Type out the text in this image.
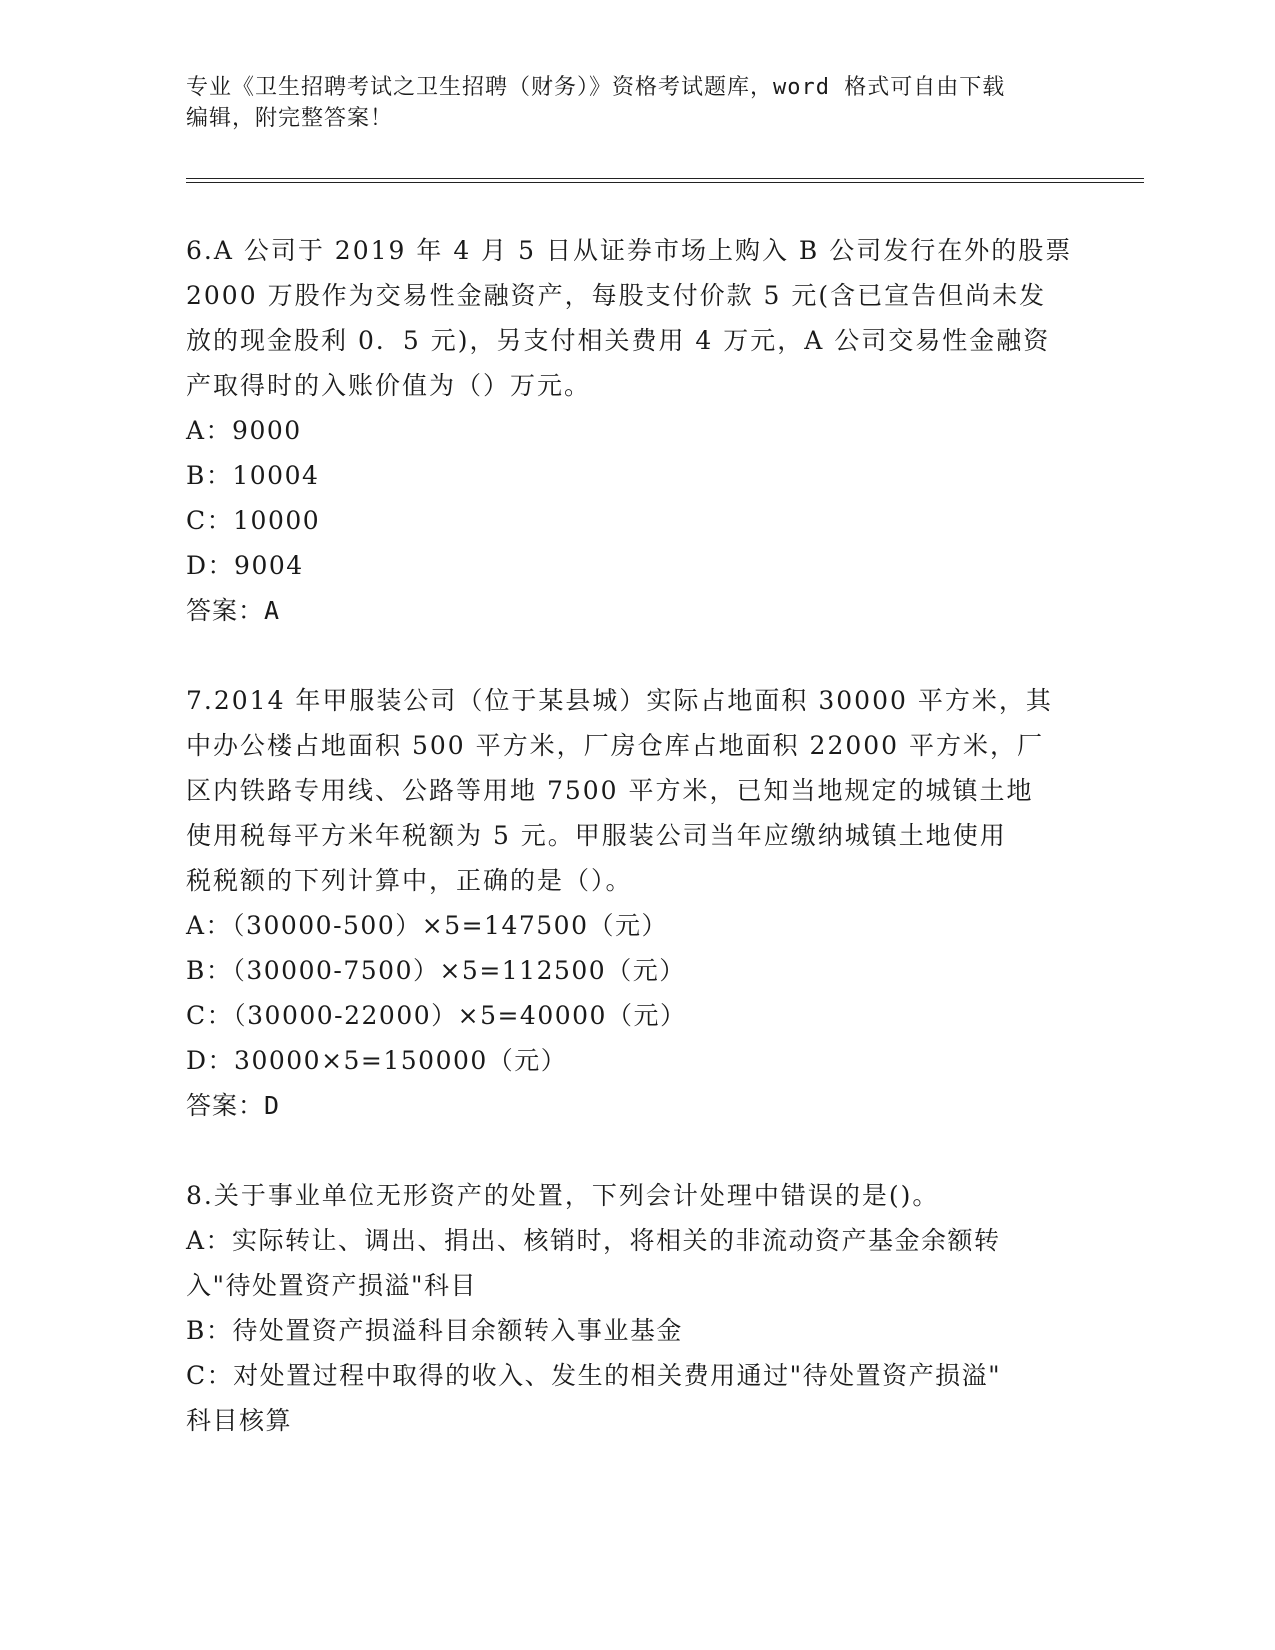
专业《卫生招聘考试之卫生招聘（财务）》资格考试题库，word 格式可自由下载
编辑，附完整答案！

6.A 公司于 2019 年 4 月 5 日从证券市场上购入 B 公司发行在外的股票

2000 万股作为交易性金融资产，每股支付价款 5 元(含已宣告但尚未发

放的现金股利 0．5 元)，另支付相关费用 4 万元，A 公司交易性金融资

产取得时的入账价值为（）万元。

A：9000

B：10004

C：10000

D：9004

答案：A

7.2014 年甲服装公司（位于某县城）实际占地面积 30000 平方米，其

中办公楼占地面积 500 平方米，厂房仓库占地面积 22000 平方米，厂

区内铁路专用线、公路等用地 7500 平方米，已知当地规定的城镇土地

使用税每平方米年税额为 5 元。甲服装公司当年应缴纳城镇土地使用

税税额的下列计算中，正确的是（）。

A：（30000-500）×5=147500（元）

B：（30000-7500）×5=112500（元）

C：（30000-22000）×5=40000（元）

D：30000×5=150000（元）

答案：D

8.关于事业单位无形资产的处置，下列会计处理中错误的是()。

A：实际转让、调出、捐出、核销时，将相关的非流动资产基金余额转

入"待处置资产损溢"科目

B：待处置资产损溢科目余额转入事业基金

C：对处置过程中取得的收入、发生的相关费用通过"待处置资产损溢"

科目核算
